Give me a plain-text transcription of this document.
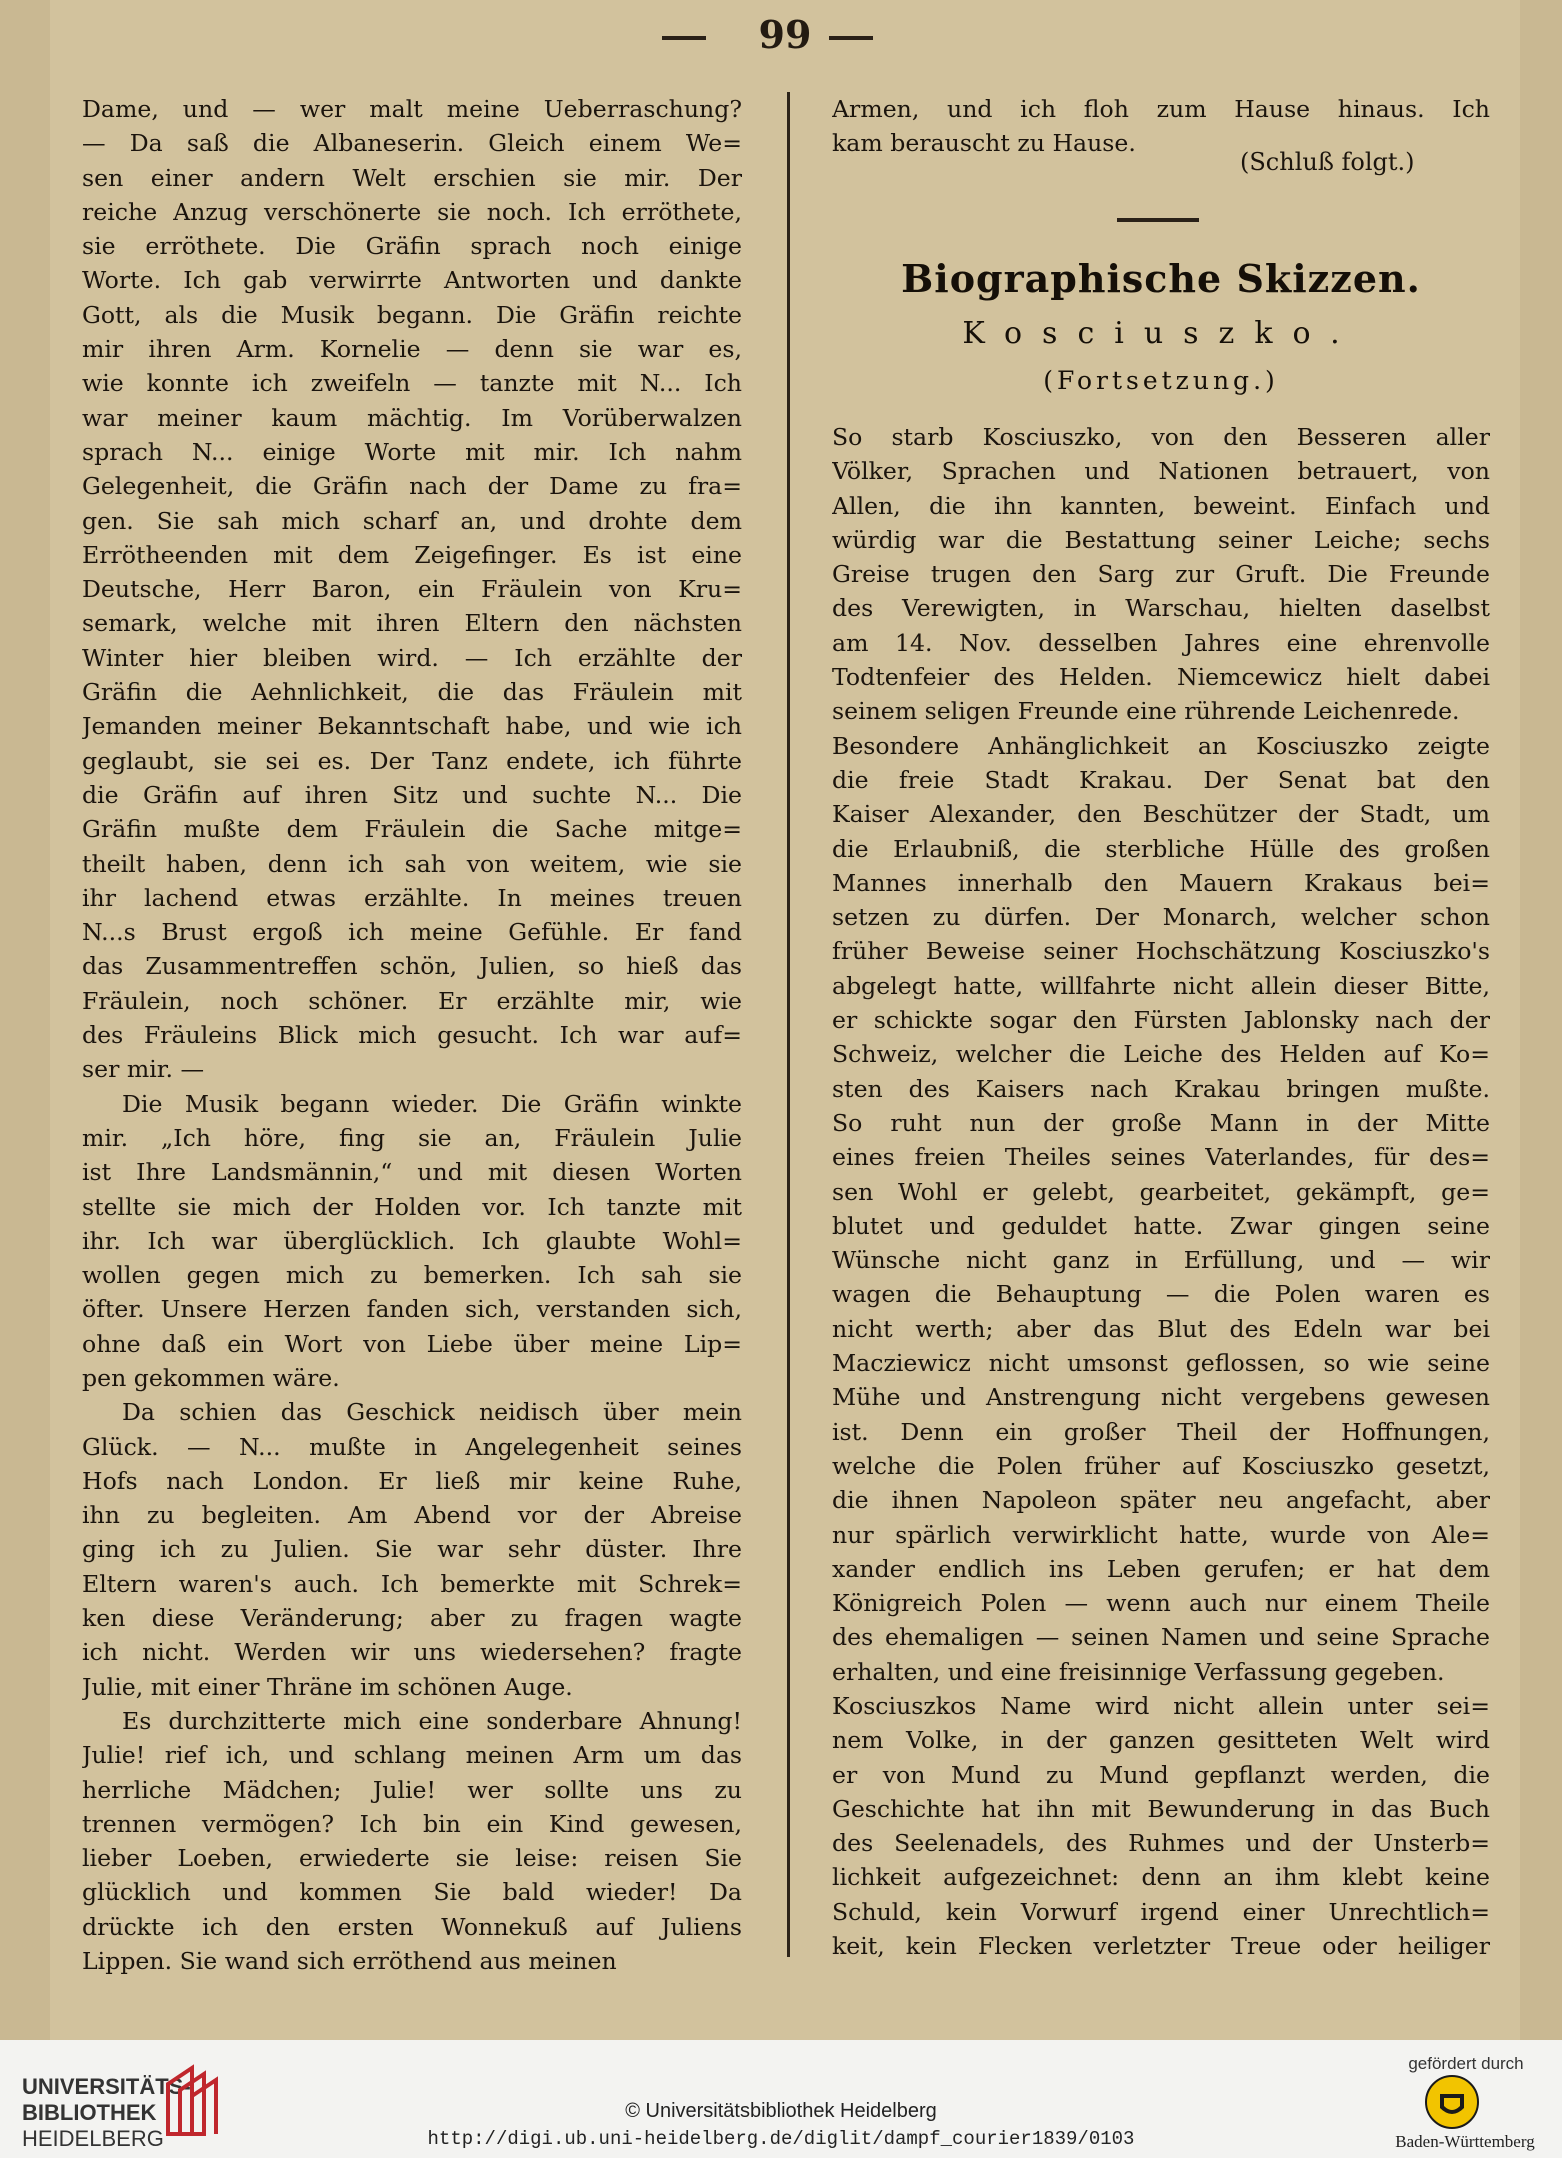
99
Dame, und — wer malt meine Ueberraschung?
— Da saß die Albaneserin. Gleich einem We=
sen einer andern Welt erschien sie mir. Der
reiche Anzug verschönerte sie noch. Ich erröthete,
sie erröthete. Die Gräfin sprach noch einige
Worte. Ich gab verwirrte Antworten und dankte
Gott, als die Musik begann. Die Gräfin reichte
mir ihren Arm. Kornelie — denn sie war es,
wie konnte ich zweifeln — tanzte mit N... Ich
war meiner kaum mächtig. Im Vorüberwalzen
sprach N... einige Worte mit mir. Ich nahm
Gelegenheit, die Gräfin nach der Dame zu fra=
gen. Sie sah mich scharf an, und drohte dem
Errötheenden mit dem Zeigefinger. Es ist eine
Deutsche, Herr Baron, ein Fräulein von Kru=
semark, welche mit ihren Eltern den nächsten
Winter hier bleiben wird. — Ich erzählte der
Gräfin die Aehnlichkeit, die das Fräulein mit
Jemanden meiner Bekanntschaft habe, und wie ich
geglaubt, sie sei es. Der Tanz endete, ich führte
die Gräfin auf ihren Sitz und suchte N... Die
Gräfin mußte dem Fräulein die Sache mitge=
theilt haben, denn ich sah von weitem, wie sie
ihr lachend etwas erzählte. In meines treuen
N...s Brust ergoß ich meine Gefühle. Er fand
das Zusammentreffen schön, Julien, so hieß das
Fräulein, noch schöner. Er erzählte mir, wie
des Fräuleins Blick mich gesucht. Ich war auf=
ser mir. —
Die Musik begann wieder. Die Gräfin winkte
mir. „Ich höre, fing sie an, Fräulein Julie
ist Ihre Landsmännin,“ und mit diesen Worten
stellte sie mich der Holden vor. Ich tanzte mit
ihr. Ich war überglücklich. Ich glaubte Wohl=
wollen gegen mich zu bemerken. Ich sah sie
öfter. Unsere Herzen fanden sich, verstanden sich,
ohne daß ein Wort von Liebe über meine Lip=
pen gekommen wäre.
Da schien das Geschick neidisch über mein
Glück. — N... mußte in Angelegenheit seines
Hofs nach London. Er ließ mir keine Ruhe,
ihn zu begleiten. Am Abend vor der Abreise
ging ich zu Julien. Sie war sehr düster. Ihre
Eltern waren's auch. Ich bemerkte mit Schrek=
ken diese Veränderung; aber zu fragen wagte
ich nicht. Werden wir uns wiedersehen? fragte
Julie, mit einer Thräne im schönen Auge.
Es durchzitterte mich eine sonderbare Ahnung!
Julie! rief ich, und schlang meinen Arm um das
herrliche Mädchen; Julie! wer sollte uns zu
trennen vermögen? Ich bin ein Kind gewesen,
lieber Loeben, erwiederte sie leise: reisen Sie
glücklich und kommen Sie bald wieder! Da
drückte ich den ersten Wonnekuß auf Juliens
Lippen. Sie wand sich erröthend aus meinen
Armen, und ich floh zum Hause hinaus. Ich
kam berauscht zu Hause.
(Schluß folgt.)
Biographische Skizzen.
Kosciuszko.
(Fortsetzung.)
So starb Kosciuszko, von den Besseren aller
Völker, Sprachen und Nationen betrauert, von
Allen, die ihn kannten, beweint. Einfach und
würdig war die Bestattung seiner Leiche; sechs
Greise trugen den Sarg zur Gruft. Die Freunde
des Verewigten, in Warschau, hielten daselbst
am 14. Nov. desselben Jahres eine ehrenvolle
Todtenfeier des Helden. Niemcewicz hielt dabei
seinem seligen Freunde eine rührende Leichenrede.
Besondere Anhänglichkeit an Kosciuszko zeigte
die freie Stadt Krakau. Der Senat bat den
Kaiser Alexander, den Beschützer der Stadt, um
die Erlaubniß, die sterbliche Hülle des großen
Mannes innerhalb den Mauern Krakaus bei=
setzen zu dürfen. Der Monarch, welcher schon
früher Beweise seiner Hochschätzung Kosciuszko's
abgelegt hatte, willfahrte nicht allein dieser Bitte,
er schickte sogar den Fürsten Jablonsky nach der
Schweiz, welcher die Leiche des Helden auf Ko=
sten des Kaisers nach Krakau bringen mußte.
So ruht nun der große Mann in der Mitte
eines freien Theiles seines Vaterlandes, für des=
sen Wohl er gelebt, gearbeitet, gekämpft, ge=
blutet und geduldet hatte. Zwar gingen seine
Wünsche nicht ganz in Erfüllung, und — wir
wagen die Behauptung — die Polen waren es
nicht werth; aber das Blut des Edeln war bei
Macziewicz nicht umsonst geflossen, so wie seine
Mühe und Anstrengung nicht vergebens gewesen
ist. Denn ein großer Theil der Hoffnungen,
welche die Polen früher auf Kosciuszko gesetzt,
die ihnen Napoleon später neu angefacht, aber
nur spärlich verwirklicht hatte, wurde von Ale=
xander endlich ins Leben gerufen; er hat dem
Königreich Polen — wenn auch nur einem Theile
des ehemaligen — seinen Namen und seine Sprache
erhalten, und eine freisinnige Verfassung gegeben.
Kosciuszkos Name wird nicht allein unter sei=
nem Volke, in der ganzen gesitteten Welt wird
er von Mund zu Mund gepflanzt werden, die
Geschichte hat ihn mit Bewunderung in das Buch
des Seelenadels, des Ruhmes und der Unsterb=
lichkeit aufgezeichnet: denn an ihm klebt keine
Schuld, kein Vorwurf irgend einer Unrechtlich=
keit, kein Flecken verletzter Treue oder heiliger
UNIVERSITÄTS-
BIBLIOTHEK
HEIDELBERG
© Universitätsbibliothek Heidelberg
http://digi.ub.uni-heidelberg.de/diglit/dampf_courier1839/0103
gefördert durch
Baden-Württemberg
